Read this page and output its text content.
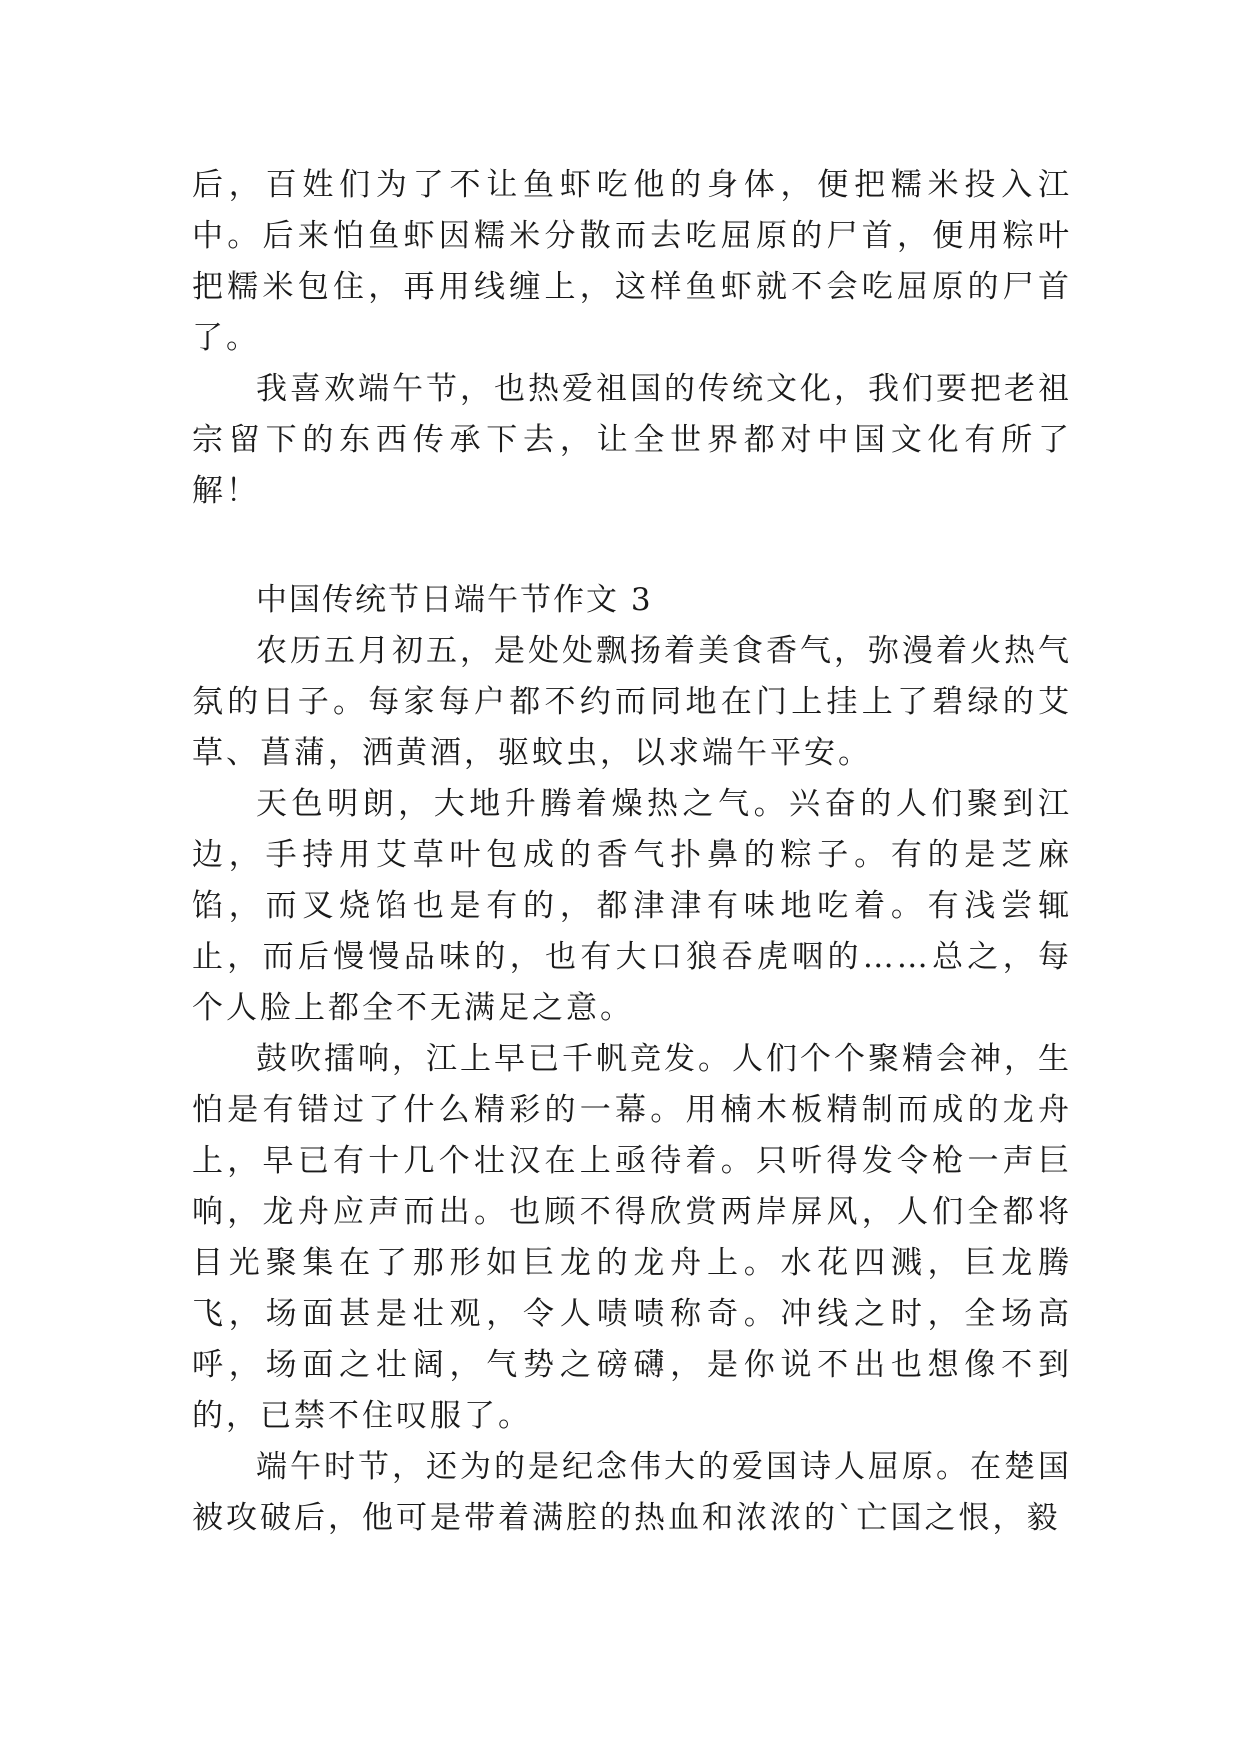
后，百姓们为了不让鱼虾吃他的身体，便把糯米投入江中。后来怕鱼虾因糯米分散而去吃屈原的尸首，便用粽叶把糯米包住，再用线缠上，这样鱼虾就不会吃屈原的尸首了。

我喜欢端午节，也热爱祖国的传统文化，我们要把老祖宗留下的东西传承下去，让全世界都对中国文化有所了解！

中国传统节日端午节作文 3

农历五月初五，是处处飘扬着美食香气，弥漫着火热气氛的日子。每家每户都不约而同地在门上挂上了碧绿的艾草、菖蒲，洒黄酒，驱蚊虫，以求端午平安。

天色明朗，大地升腾着燥热之气。兴奋的人们聚到江边，手持用艾草叶包成的香气扑鼻的粽子。有的是芝麻馅，而叉烧馅也是有的，都津津有味地吃着。有浅尝辄止，而后慢慢品味的，也有大口狼吞虎咽的……总之，每个人脸上都全不无满足之意。

鼓吹擂响，江上早已千帆竞发。人们个个聚精会神，生怕是有错过了什么精彩的一幕。用楠木板精制而成的龙舟上，早已有十几个壮汉在上亟待着。只听得发令枪一声巨响，龙舟应声而出。也顾不得欣赏两岸屏风，人们全都将目光聚集在了那形如巨龙的龙舟上。水花四溅，巨龙腾飞，场面甚是壮观，令人啧啧称奇。冲线之时，全场高呼，场面之壮阔，气势之磅礴，是你说不出也想像不到的，已禁不住叹服了。

端午时节，还为的是纪念伟大的爱国诗人屈原。在楚国被攻破后，他可是带着满腔的热血和浓浓的`亡国之恨，毅
